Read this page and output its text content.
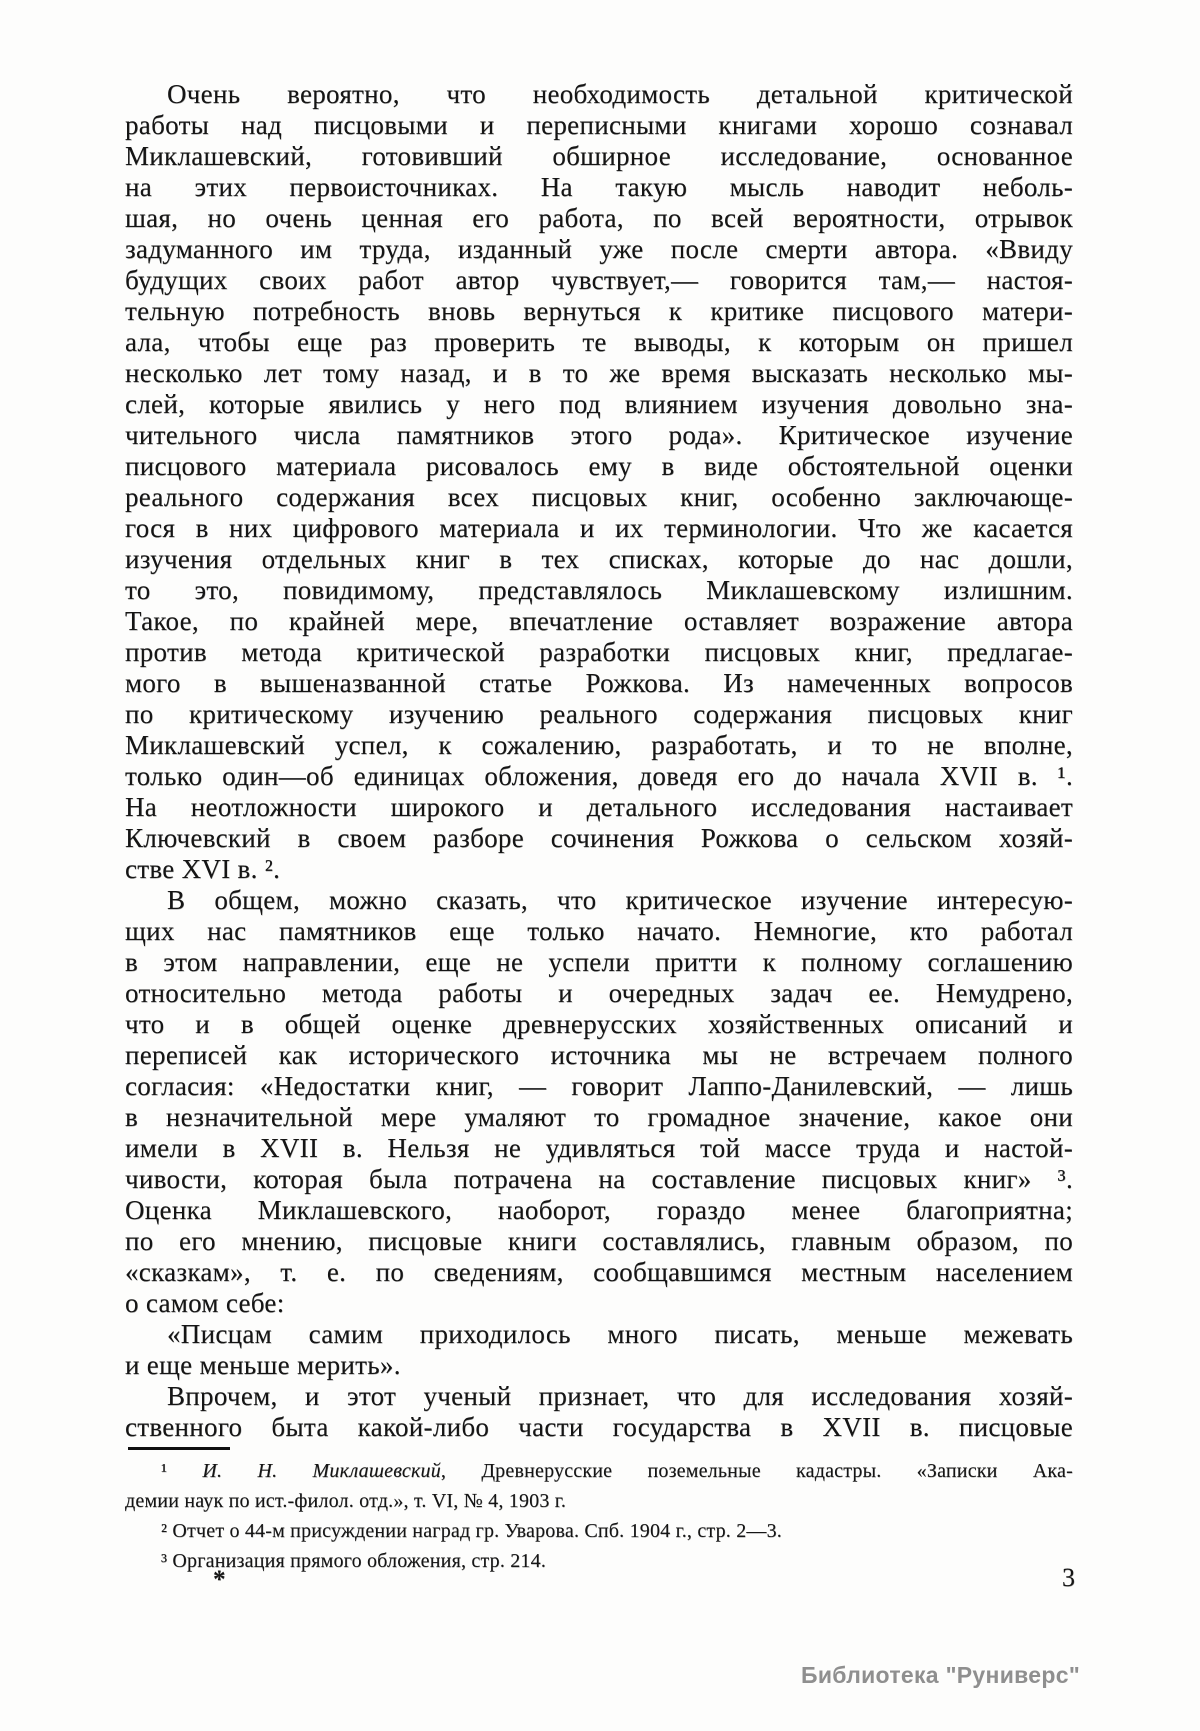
Очень вероятно, что необходимость детальной критической
работы над писцовыми и переписными книгами хорошо сознавал
Миклашевский, готовивший обширное исследование, основанное
на этих первоисточниках. На такую мысль наводит неболь-
шая, но очень ценная его работа, по всей вероятности, отрывок
задуманного им труда, изданный уже после смерти автора. «Ввиду
будущих своих работ автор чувствует,— говорится там,— настоя-
тельную потребность вновь вернуться к критике писцового матери-
ала, чтобы еще раз проверить те выводы, к которым он пришел
несколько лет тому назад, и в то же время высказать несколько мы-
слей, которые явились у него под влиянием изучения довольно зна-
чительного числа памятников этого рода». Критическое изучение
писцового материала рисовалось ему в виде обстоятельной оценки
реального содержания всех писцовых книг, особенно заключающе-
гося в них цифрового материала и их терминологии. Что же касается
изучения отдельных книг в тех списках, которые до нас дошли,
то это, повидимому, представлялось Миклашевскому излишним.
Такое, по крайней мере, впечатление оставляет возражение автора
против метода критической разработки писцовых книг, предлагае-
мого в вышеназванной статье Рожкова. Из намеченных вопросов
по критическому изучению реального содержания писцовых книг
Миклашевский успел, к сожалению, разработать, и то не вполне,
только один—об единицах обложения, доведя его до начала XVII в. ¹.
На неотложности широкого и детального исследования настаивает
Ключевский в своем разборе сочинения Рожкова о сельском хозяй-
стве XVI в. ².
В общем, можно сказать, что критическое изучение интересую-
щих нас памятников еще только начато. Немногие, кто работал
в этом направлении, еще не успели притти к полному соглашению
относительно метода работы и очередных задач ее. Немудрено,
что и в общей оценке древнерусских хозяйственных описаний и
переписей как исторического источника мы не встречаем полного
согласия: «Недостатки книг, — говорит Лаппо-Данилевский, — лишь
в незначительной мере умаляют то громадное значение, какое они
имели в XVII в. Нельзя не удивляться той массе труда и настой-
чивости, которая была потрачена на составление писцовых книг» ³.
Оценка Миклашевского, наоборот, гораздо менее благоприятна;
по его мнению, писцовые книги составлялись, главным образом, по
«сказкам», т. е. по сведениям, сообщавшимся местным населением
о самом себе:
«Писцам самим приходилось много писать, меньше межевать
и еще меньше мерить».
Впрочем, и этот ученый признает, что для исследования хозяй-
ственного быта какой-либо части государства в XVII в. писцовые
¹ И. Н. Миклашевский, Древнерусские поземельные кадастры. «Записки Ака-
демии наук по ист.-филол. отд.», т. VI, № 4, 1903 г.
² Отчет о 44-м присуждении наград гр. Уварова. Спб. 1904 г., стр. 2—3.
³ Организация прямого обложения, стр. 214.
*	3
Библиотека "Руниверс"
